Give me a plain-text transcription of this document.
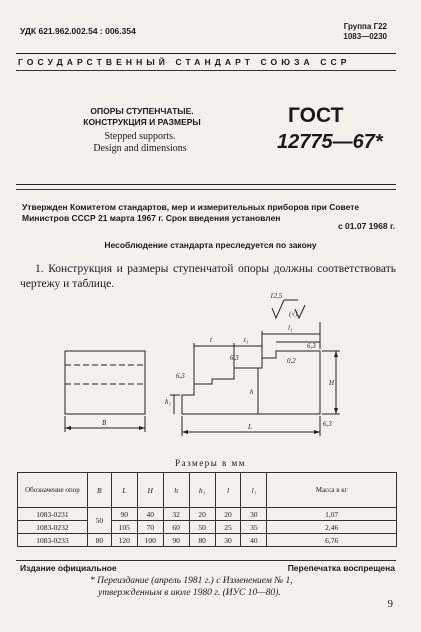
УДК 621.962.002.54 : 006.354	Группа Г22
1083—0230
ГОСУДАРСТВЕННЫЙ СТАНДАРТ СОЮЗА ССР
ОПОРЫ СТУПЕНЧАТЫЕ.
КОНСТРУКЦИЯ И РАЗМЕРЫ
Stepped supports.
Design and dimensions
ГОСТ
12775—67*
Утвержден Комитетом стандартов, мер и измерительных приборов при Совете Министров СССР 21 марта 1967 г. Срок введения установлен
с 01.07 1968 г.
Несоблюдение стандарта преследуется по закону
1. Конструкция и размеры ступенчатой опоры должны соответствовать чертежу и таблице.
12,5
(√)
t	t₁
l₁
6,3
6,3
0,2
6,3
6,3
h
h₁
H
B	L
Размеры в мм
Обозначение опор	B	L	H	h	h₁	l	l₁	Масса в кг
1083-0231	50	90	40	32	20	20	30	1,07
1083-0232		105	70	60	50	25	35	2,46
1083-0233	80	120	100	90	80	30	40	6,76
Издание официальное	Перепечатка воспрещена
* Переиздание (апрель 1981 г.) с Изменением № 1,
утвержденным в июле 1980 г. (ИУС 10—80).
9
